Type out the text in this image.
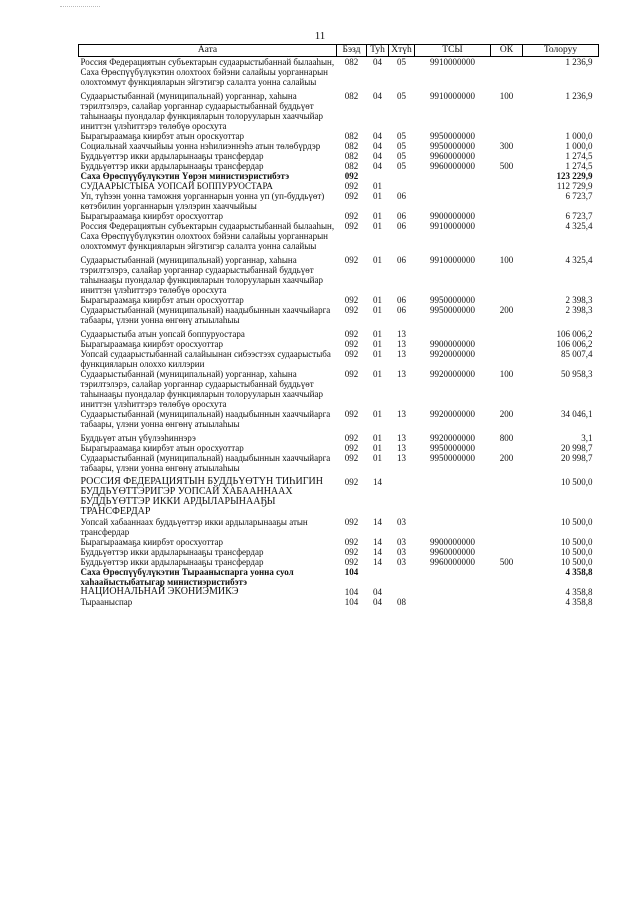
11
Аата	Бэзд	Туһ	Хтүһ	ТСЫ	ОК	Толоруу
Россия Федерациятын субъектарын судаарыстыбаннай былааһын, Саха Өрөспүүбүлүкэтин олохтоох бэйэни салайыы уорганнарын олохтоммут функцияларын эйгэтигэр салалта уонна салайыы	082	04	05	9910000000		1 236,9

Судаарыстыбаннай (муниципальнай) уорганнар, хаһына тэрилтэлэрэ, салайар уорганнар судаарыстыбаннай буддьүөт таһынааҕы пуондалар функцияларын толорууларын хааччыйар иниттэн үлэһиттэрэ төлөбүө оросхута	082	04	05	9910000000	100	1 236,9
Бырагыраамаҕа киирбэт атын ороскуоттар	082	04	05	9950000000		1 000,0
Социальнай хааччыйыы уонна нэһилиэннэһэ атын төлөбүрдэр	082	04	05	9950000000	300	1 000,0
Буддьүөттэр икки ардыларынааҕы трансфердар	082	04	05	9960000000		1 274,5
Буддьүөттэр икки ардыларынааҕы трансфердар	082	04	05	9960000000	500	1 274,5
Саха Өрөспүүбүлүкэтин Үөрэн министиэристибэтэ	092					123 229,9
СУДААРЫСТЫБА УОПСАЙ БОППУРУОСТАРА	092	01				112 729,9
Уп, түһээн уонна таможня уорганнарын уонна уп (уп-буддьүөт) көтэбилин уорганнарын үлэлэрин хааччыйыы	092	01	06			6 723,7
Бырагыраамаҕа киирбэт оросхуоттар	092	01	06	9900000000		6 723,7
Россия Федерациятын субъектарын судаарыстыбаннай былааһын, Саха Өрөспүүбүлүкэтин олохтоох бэйэни салайыы уорганнарын олохтоммут функцияларын эйгэтигэр салалта уонна салайыы	092	01	06	9910000000		4 325,4

Судаарыстыбаннай (муниципальнай) уорганнар, хаһына тэрилтэлэрэ, салайар уорганнар судаарыстыбаннай буддьүөт таһынааҕы пуондалар функцияларын толорууларын хааччыйар иниттэн үлэһиттэрэ төлөбүө оросхута	092	01	06	9910000000	100	4 325,4
Бырагыраамаҕа киирбэт атын оросхуоттар	092	01	06	9950000000		2 398,3
Судаарыстыбаннай (муниципальнай) наадыбыннын хааччыйарга табаары, үлэни уонна өнгөнү атыылаһыы	092	01	06	9950000000	200	2 398,3

Судаарыстыба атын уопсай боппуруостара	092	01	13			106 006,2
Бырагыраамаҕа киирбэт оросхуоттар	092	01	13	9900000000		106 006,2
Уопсай судаарыстыбаннай салайыынан сибээстээх судаарыстыба функцияларын олоххо киллэрии	092	01	13	9920000000		85 007,4
Судаарыстыбаннай (муниципальнай) уорганнар, хаһына тэрилтэлэрэ, салайар уорганнар судаарыстыбаннай буддьүөт таһынааҕы пуондалар функцияларын толорууларын хааччыйар иниттэн үлэһиттэрэ төлөбүө оросхута	092	01	13	9920000000	100	50 958,3
Судаарыстыбаннай (муниципальнай) наадыбыннын хааччыйарга табаары, үлэни уонна өнгөнү атыылаһыы	092	01	13	9920000000	200	34 046,1

Буддьүөт атын үбүлээһиннэрэ	092	01	13	9920000000	800	3,1
Бырагыраамаҕа киирбэт атын оросхуоттар	092	01	13	9950000000		20 998,7
Судаарыстыбаннай (муниципальнай) наадыбыннын хааччыйарга табаары, үлэни уонна өнгөнү атыылаһыы	092	01	13	9950000000	200	20 998,7

РОССИЯ ФЕДЕРАЦИЯТЫН БУДДЬҮӨТҮН ТИҺИГИН БУДДЬҮӨТТЭРИГЭР УОПСАЙ ХАБААННААХ БУДДЬҮӨТТЭР ИККИ АРДЫЛАРЫНААҔЫ ТРАНСФЕРДАР	092	14				10 500,0
Уопсай хабааннаах буддьүөттэр икки ардыларынааҕы атын трансфердар	092	14	03			10 500,0
Бырагыраамаҕа киирбэт оросхуоттар	092	14	03	9900000000		10 500,0
Буддьүөттэр икки ардыларынааҕы трансфердар	092	14	03	9960000000		10 500,0
Буддьүөттэр икки ардыларынааҕы трансфердар	092	14	03	9960000000	500	10 500,0
Саха Өрөспүүбүлүкэтин Тырааныспарга уонна суол хаһаайыстыбатыгар министиэристибэтэ	104					4 358,8
НАЦИОНАЛЬНАЙ ЭКОНИЭМИКЭ	104	04				4 358,8
Тырааныспар	104	04	08			4 358,8
